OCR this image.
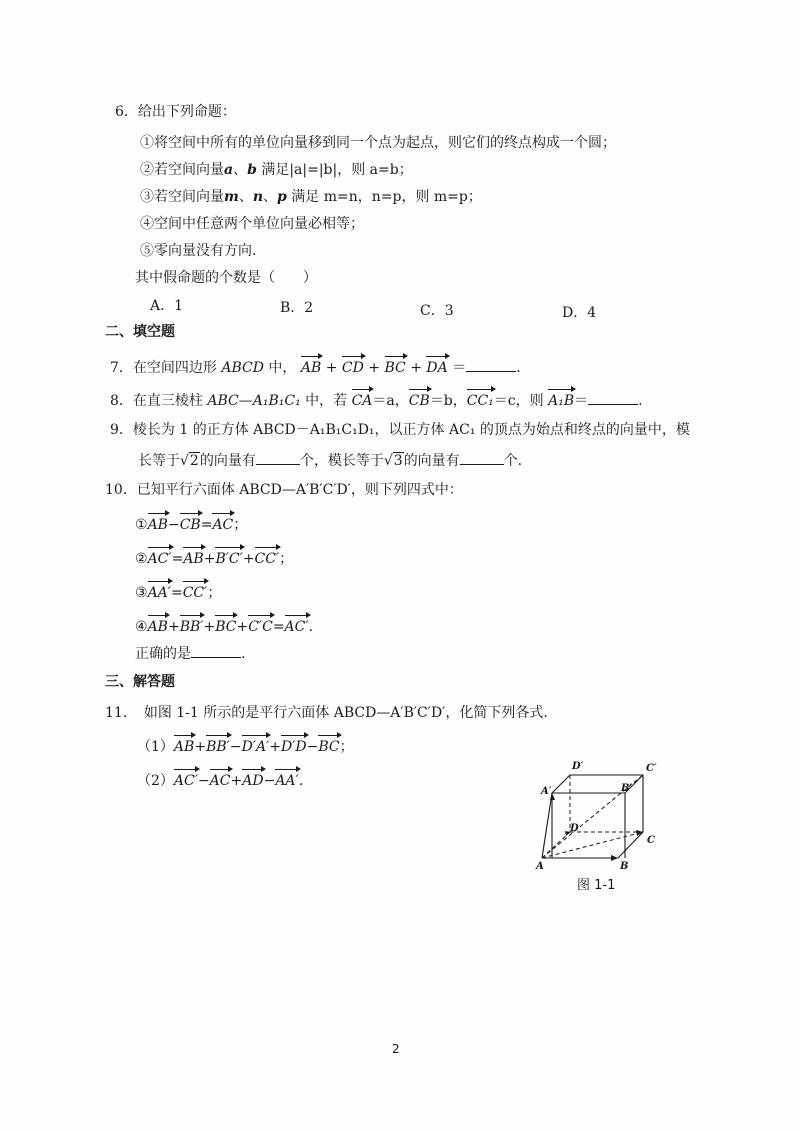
6．给出下列命题：
①将空间中所有的单位向量移到同一个点为起点，则它们的终点构成一个圆；
②若空间向量a、b 满足|a|=|b|，则 a=b；
③若空间向量m、n、p 满足 m=n，n=p，则 m=p；
④空间中任意两个单位向量必相等；
⑤零向量没有方向．
其中假命题的个数是（　　）
A．1	B．2	C．3	D．4
二、填空题
7．在空间四边形 ABCD 中， AB + CD + BC + DA ＝	.
8．在直三棱柱 ABC—A₁B₁C₁ 中，若 CA＝a，CB＝b，CC₁＝c，则 A₁B＝	.
9．棱长为 1 的正方体 ABCD－A₁B₁C₁D₁，以正方体 AC₁ 的顶点为始点和终点的向量中，模
长等于√2的向量有	个，模长等于√3的向量有	个.
10．已知平行六面体 ABCD—A′B′C′D′，则下列四式中：
①AB−CB=AC；
②AC′=AB+B′C′+CC′；
③AA′=CC′；
④AB+BB′+BC+C′C=AC′.
正确的是	.
三、解答题
11．　如图 1-1 所示的是平行六面体 ABCD—A′B′C′D′，化简下列各式.
（1）AB+BB′−D′A′+D′D−BC；
（2）AC′−AC+AD−AA′.
D′	C′
A′	B′
D
C
A	B
图 1-1
2
